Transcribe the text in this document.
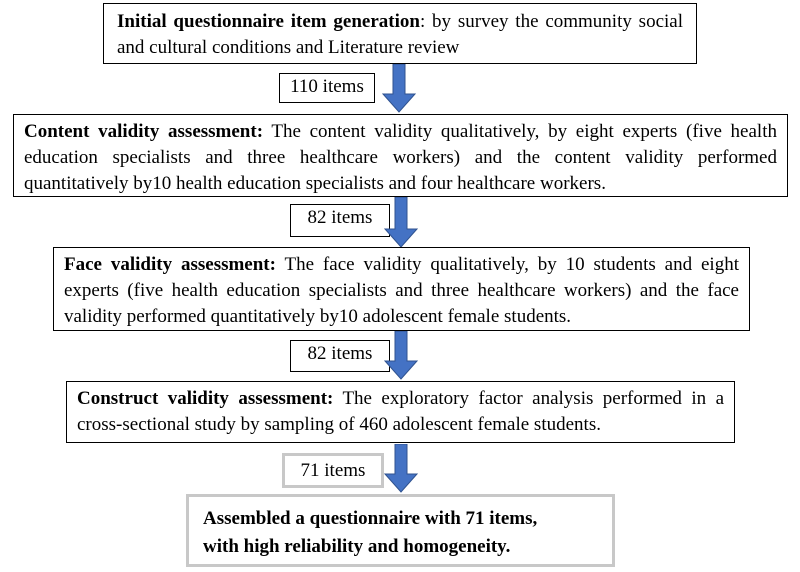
Initial questionnaire item generation: by survey the community social and cultural conditions and Literature review
110 items
Content validity assessment: The content validity qualitatively, by eight experts (five health education specialists and three healthcare workers) and the content validity performed quantitatively by10 health education specialists and four healthcare workers.
82 items
Face validity assessment: The face validity qualitatively, by 10 students and eight experts (five health education specialists and three healthcare workers) and the face validity performed quantitatively by10 adolescent female students.
82 items
Construct validity assessment: The exploratory factor analysis performed in a cross-sectional study by sampling of 460 adolescent female students.
71 items
Assembled a questionnaire with 71 items,
with high reliability and homogeneity.
